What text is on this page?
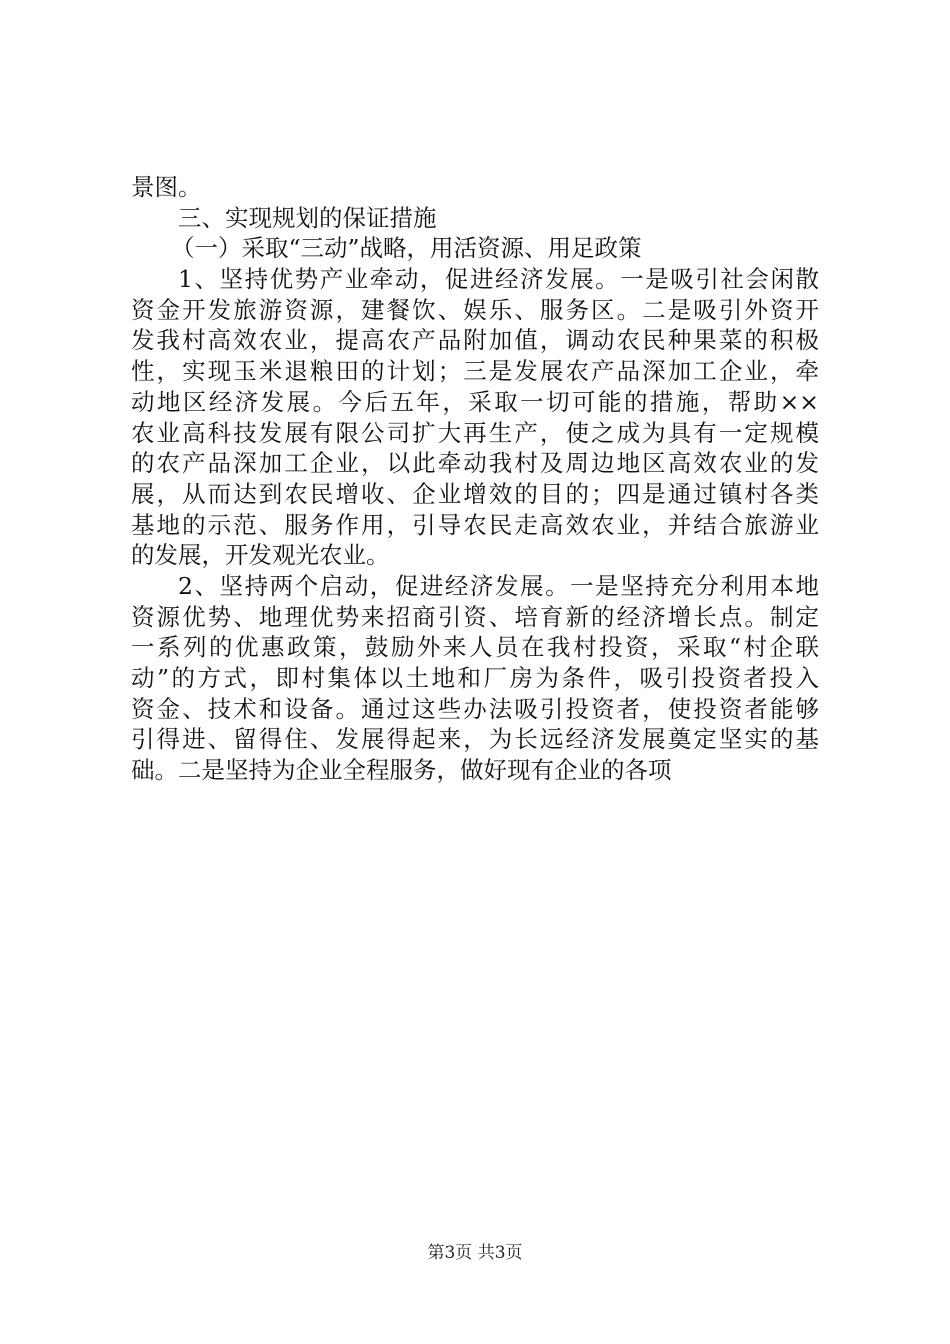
景图。
三、实现规划的保证措施
（一）采取“三动”战略，用活资源、用足政策
1、坚持优势产业牵动，促进经济发展。一是吸引社会闲散
资金开发旅游资源，建餐饮、娱乐、服务区。二是吸引外资开
发我村高效农业，提高农产品附加值，调动农民种果菜的积极
性，实现玉米退粮田的计划；三是发展农产品深加工企业，牵
动地区经济发展。今后五年，采取一切可能的措施，帮助××
农业高科技发展有限公司扩大再生产，使之成为具有一定规模
的农产品深加工企业，以此牵动我村及周边地区高效农业的发
展，从而达到农民增收、企业增效的目的；四是通过镇村各类
基地的示范、服务作用，引导农民走高效农业，并结合旅游业
的发展，开发观光农业。
2、坚持两个启动，促进经济发展。一是坚持充分利用本地
资源优势、地理优势来招商引资、培育新的经济增长点。制定
一系列的优惠政策，鼓励外来人员在我村投资，采取“村企联
动”的方式，即村集体以土地和厂房为条件，吸引投资者投入
资金、技术和设备。通过这些办法吸引投资者，使投资者能够
引得进、留得住、发展得起来，为长远经济发展奠定坚实的基
础。二是坚持为企业全程服务，做好现有企业的各项
第3页 共3页
